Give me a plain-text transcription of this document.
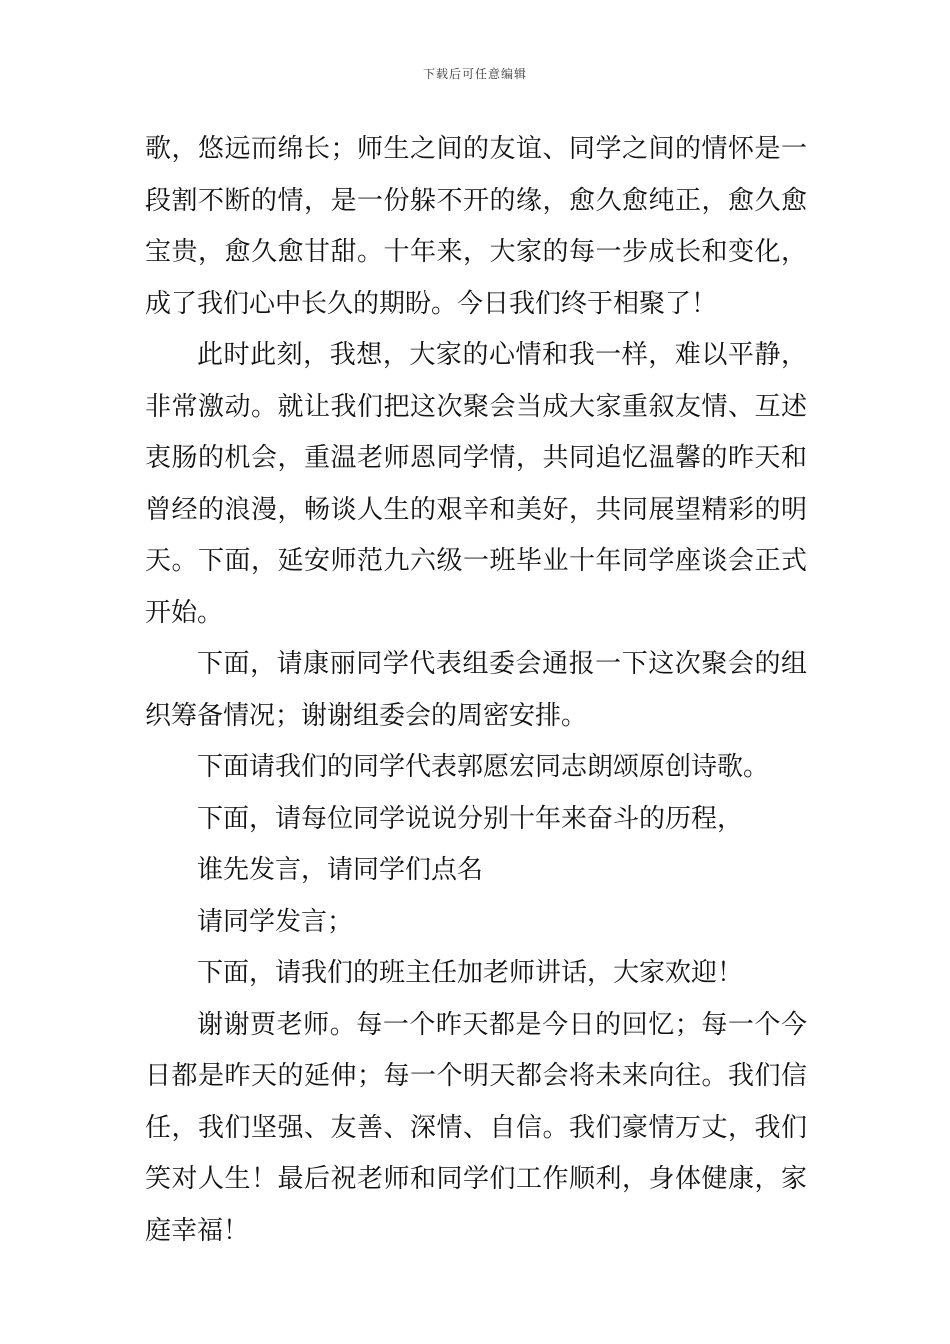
下载后可任意编辑

歌，悠远而绵长；师生之间的友谊、同学之间的情怀是一段割不断的情，是一份躲不开的缘，愈久愈纯正，愈久愈宝贵，愈久愈甘甜。十年来，大家的每一步成长和变化，成了我们心中长久的期盼。今日我们终于相聚了！

此时此刻，我想，大家的心情和我一样，难以平静，非常激动。就让我们把这次聚会当成大家重叙友情、互述衷肠的机会，重温老师恩同学情，共同追忆温馨的昨天和曾经的浪漫，畅谈人生的艰辛和美好，共同展望精彩的明天。下面，延安师范九六级一班毕业十年同学座谈会正式开始。

下面，请康丽同学代表组委会通报一下这次聚会的组织筹备情况；谢谢组委会的周密安排。

下面请我们的同学代表郭愿宏同志朗颂原创诗歌。

下面，请每位同学说说分别十年来奋斗的历程，

谁先发言，请同学们点名

请同学发言；

下面，请我们的班主任加老师讲话，大家欢迎！

谢谢贾老师。每一个昨天都是今日的回忆；每一个今日都是昨天的延伸；每一个明天都会将未来向往。我们信任，我们坚强、友善、深情、自信。我们豪情万丈，我们笑对人生！最后祝老师和同学们工作顺利，身体健康，家庭幸福！
